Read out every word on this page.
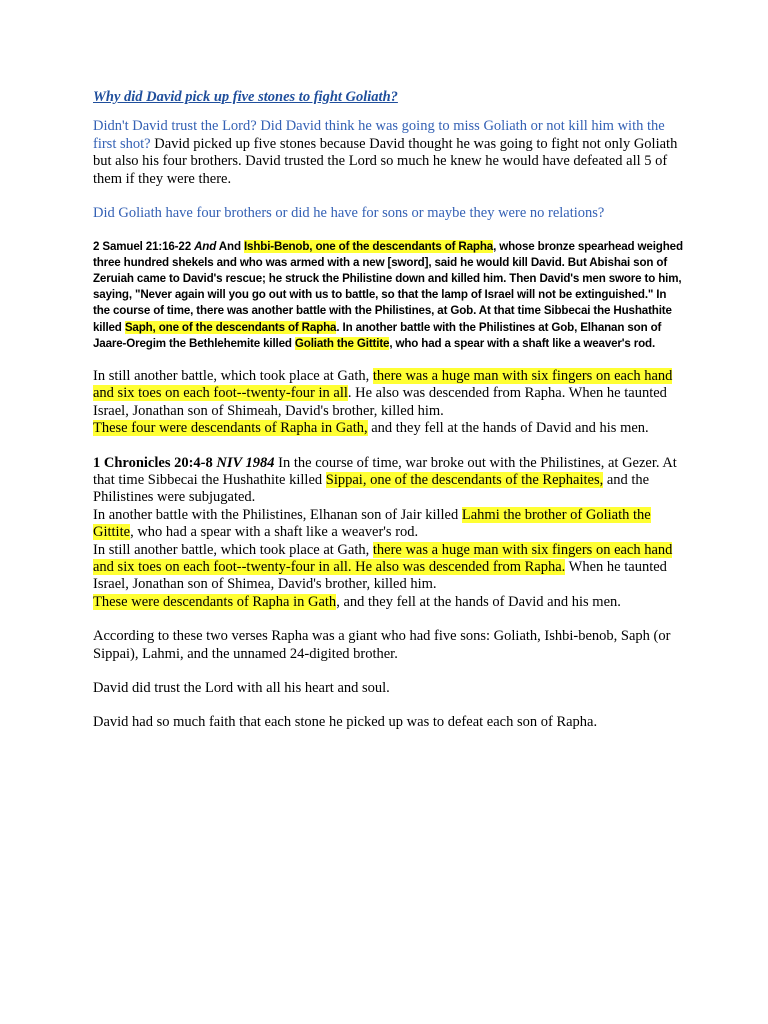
Why did David pick up five stones to fight Goliath?

Didn't David trust the Lord? Did David think he was going to miss Goliath or not kill him with the first shot? David picked up five stones because David thought he was going to fight not only Goliath but also his four brothers. David trusted the Lord so much he knew he would have defeated all 5 of them if they were there.

Did Goliath have four brothers or did he have for sons or maybe they were no relations?

2 Samuel 21:16-22 And And Ishbi-Benob, one of the descendants of Rapha, whose bronze spearhead weighed three hundred shekels and who was armed with a new [sword], said he would kill David. But Abishai son of Zeruiah came to David's rescue; he struck the Philistine down and killed him. Then David's men swore to him, saying, "Never again will you go out with us to battle, so that the lamp of Israel will not be extinguished." In the course of time, there was another battle with the Philistines, at Gob. At that time Sibbecai the Hushathite killed Saph, one of the descendants of Rapha. In another battle with the Philistines at Gob, Elhanan son of Jaare-Oregim the Bethlehemite killed Goliath the Gittite, who had a spear with a shaft like a weaver's rod.

In still another battle, which took place at Gath, there was a huge man with six fingers on each hand and six toes on each foot--twenty-four in all. He also was descended from Rapha. When he taunted Israel, Jonathan son of Shimeah, David's brother, killed him.
These four were descendants of Rapha in Gath, and they fell at the hands of David and his men.

1 Chronicles 20:4-8 NIV 1984 In the course of time, war broke out with the Philistines, at Gezer. At that time Sibbecai the Hushathite killed Sippai, one of the descendants of the Rephaites, and the Philistines were subjugated.
In another battle with the Philistines, Elhanan son of Jair killed Lahmi the brother of Goliath the Gittite, who had a spear with a shaft like a weaver's rod.
In still another battle, which took place at Gath, there was a huge man with six fingers on each hand and six toes on each foot--twenty-four in all. He also was descended from Rapha. When he taunted Israel, Jonathan son of Shimea, David's brother, killed him.
These were descendants of Rapha in Gath, and they fell at the hands of David and his men.

According to these two verses Rapha was a giant who had five sons: Goliath, Ishbi-benob, Saph (or Sippai), Lahmi, and the unnamed 24-digited brother.

David did trust the Lord with all his heart and soul.

David had so much faith that each stone he picked up was to defeat each son of Rapha.
